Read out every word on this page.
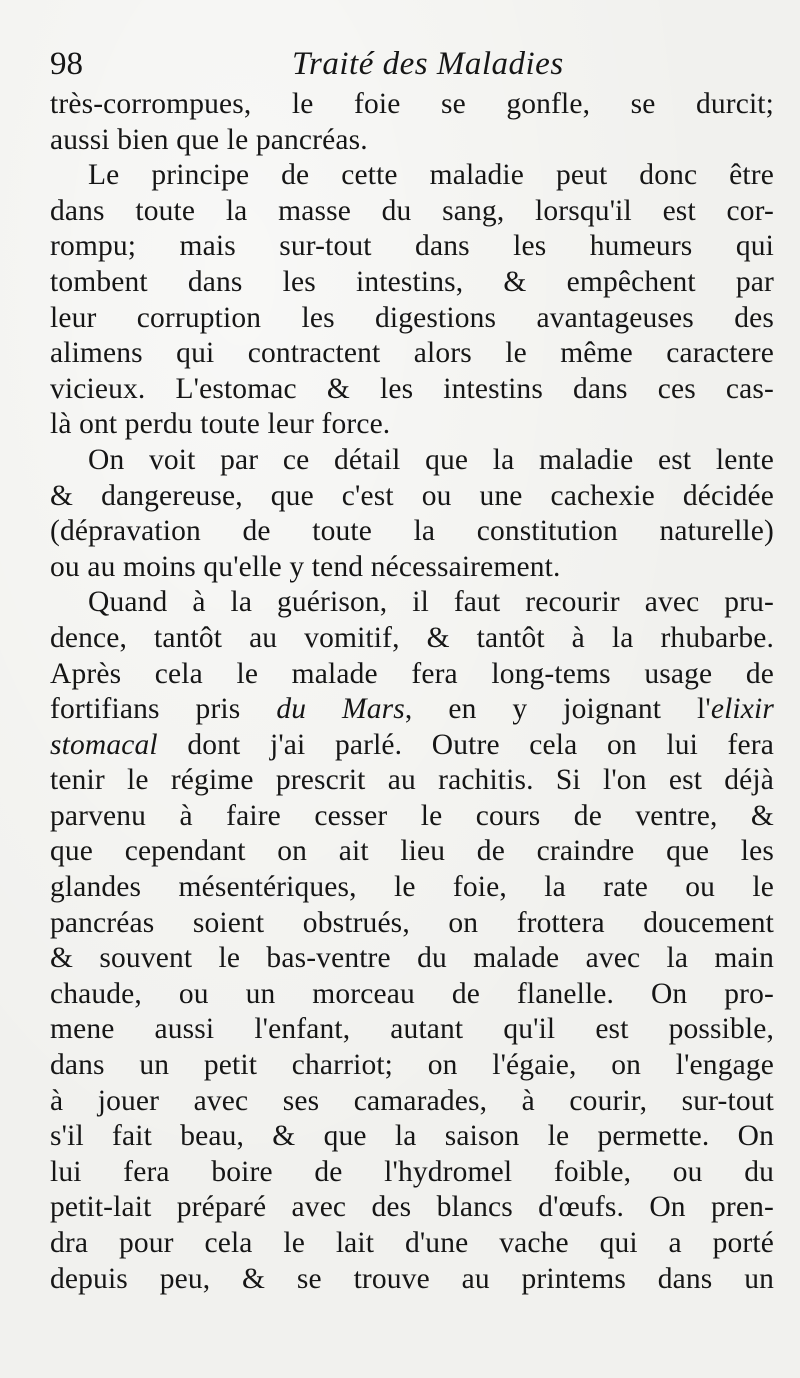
98	Traité des Maladies
très-corrompues, le foie se gonfle, se durcit;
aussi bien que le pancréas.
Le principe de cette maladie peut donc être
dans toute la masse du sang, lorsqu'il est cor-
rompu; mais sur-tout dans les humeurs qui
tombent dans les intestins, & empêchent par
leur corruption les digestions avantageuses des
alimens qui contractent alors le même caractere
vicieux. L'estomac & les intestins dans ces cas-
là ont perdu toute leur force.
On voit par ce détail que la maladie est lente
& dangereuse, que c'est ou une cachexie décidée
(dépravation de toute la constitution naturelle)
ou au moins qu'elle y tend nécessairement.
Quand à la guérison, il faut recourir avec pru-
dence, tantôt au vomitif, & tantôt à la rhubarbe.
Après cela le malade fera long-tems usage de
fortifians pris du Mars, en y joignant l'elixir
stomacal dont j'ai parlé. Outre cela on lui fera
tenir le régime prescrit au rachitis. Si l'on est déjà
parvenu à faire cesser le cours de ventre, &
que cependant on ait lieu de craindre que les
glandes mésentériques, le foie, la rate ou le
pancréas soient obstrués, on frottera doucement
& souvent le bas-ventre du malade avec la main
chaude, ou un morceau de flanelle. On pro-
mene aussi l'enfant, autant qu'il est possible,
dans un petit charriot; on l'égaie, on l'engage
à jouer avec ses camarades, à courir, sur-tout
s'il fait beau, & que la saison le permette. On
lui fera boire de l'hydromel foible, ou du
petit-lait préparé avec des blancs d'œufs. On pren-
dra pour cela le lait d'une vache qui a porté
depuis peu, & se trouve au printems dans un
